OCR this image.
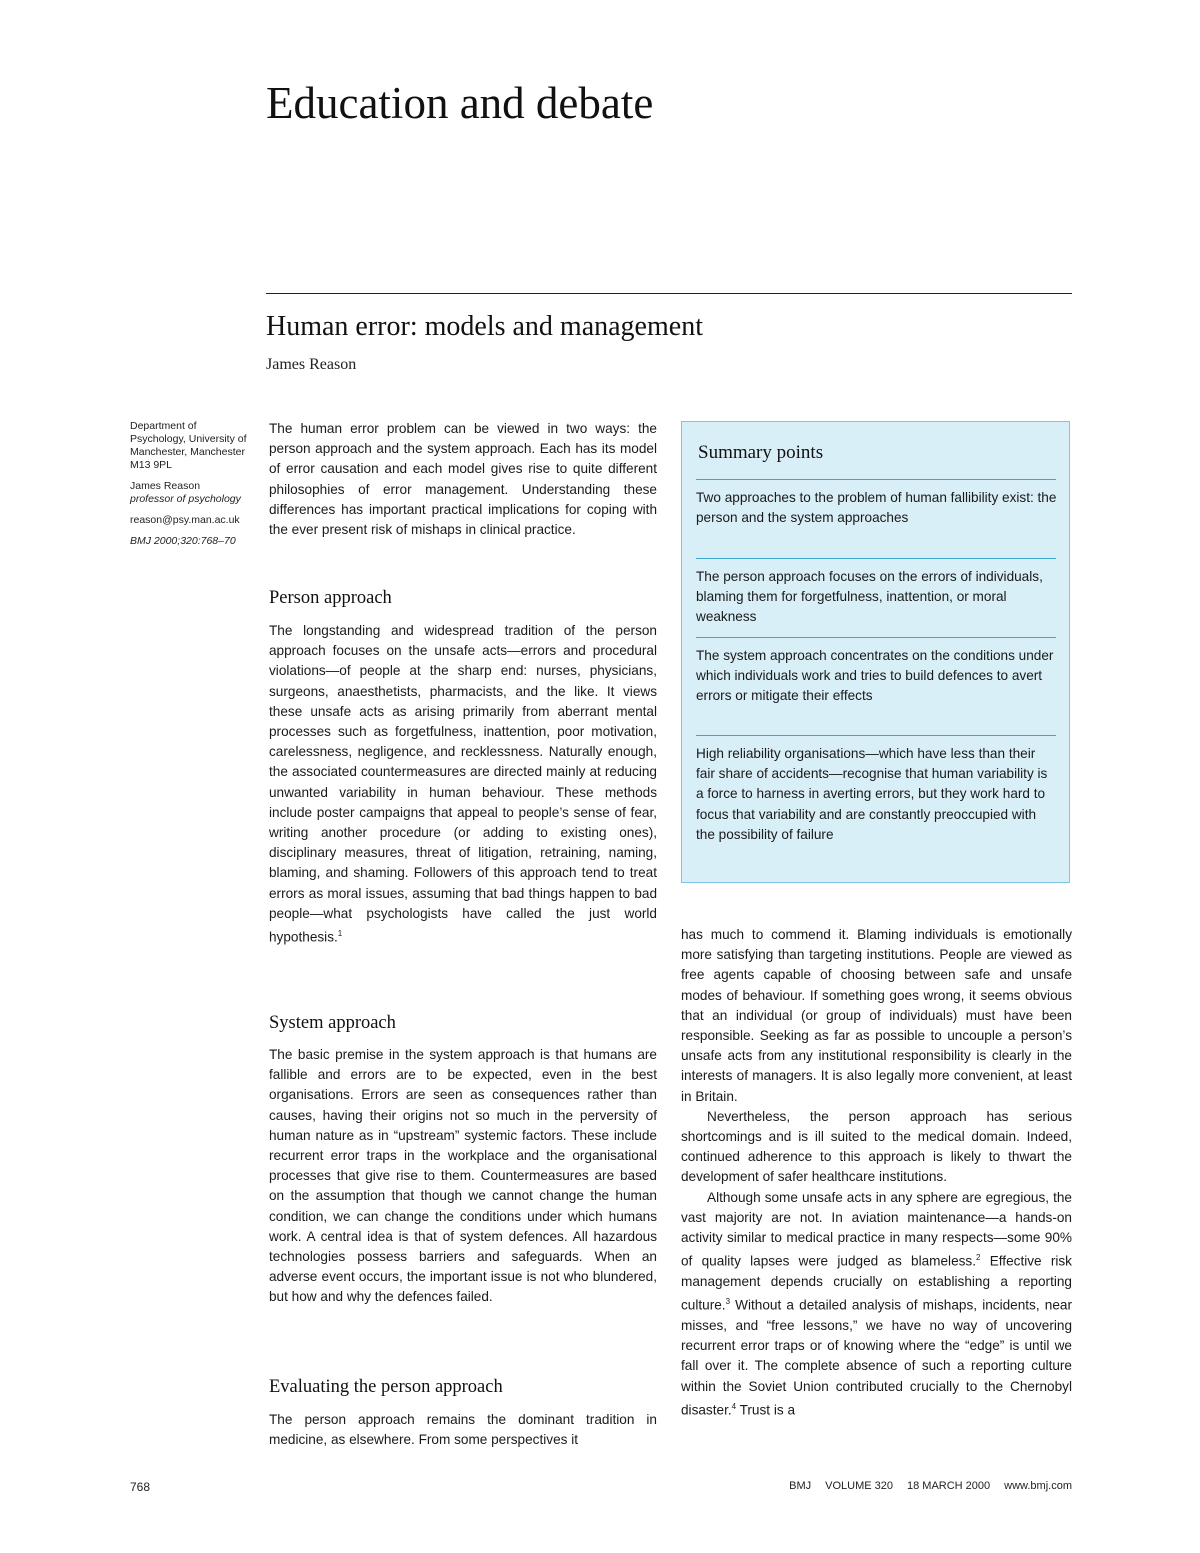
Education and debate
Human error: models and management
James Reason

Department of Psychology, University of Manchester, Manchester M13 9PL

James Reason
professor of psychology

reason@psy.man.ac.uk

BMJ 2000;320:768–70

The human error problem can be viewed in two ways: the person approach and the system approach. Each has its model of error causation and each model gives rise to quite different philosophies of error management. Understanding these differences has important practical implications for coping with the ever present risk of mishaps in clinical practice.

Person approach

The longstanding and widespread tradition of the person approach focuses on the unsafe acts—errors and procedural violations—of people at the sharp end: nurses, physicians, surgeons, anaesthetists, pharmacists, and the like. It views these unsafe acts as arising primarily from aberrant mental processes such as forgetfulness, inattention, poor motivation, carelessness, negligence, and recklessness. Naturally enough, the associated countermeasures are directed mainly at reducing unwanted variability in human behaviour. These methods include poster campaigns that appeal to people’s sense of fear, writing another procedure (or adding to existing ones), disciplinary measures, threat of litigation, retraining, naming, blaming, and shaming. Followers of this approach tend to treat errors as moral issues, assuming that bad things happen to bad people—what psychologists have called the just world hypothesis.$^1$

System approach

The basic premise in the system approach is that humans are fallible and errors are to be expected, even in the best organisations. Errors are seen as consequences rather than causes, having their origins not so much in the perversity of human nature as in “upstream” systemic factors. These include recurrent error traps in the workplace and the organisational processes that give rise to them. Countermeasures are based on the assumption that though we cannot change the human condition, we can change the conditions under which humans work. A central idea is that of system defences. All hazardous technologies possess barriers and safeguards. When an adverse event occurs, the important issue is not who blundered, but how and why the defences failed.

Evaluating the person approach

The person approach remains the dominant tradition in medicine, as elsewhere. From some perspectives it

Summary points
Two approaches to the problem of human fallibility exist: the person and the system approaches
The person approach focuses on the errors of individuals, blaming them for forgetfulness, inattention, or moral weakness
The system approach concentrates on the conditions under which individuals work and tries to build defences to avert errors or mitigate their effects
High reliability organisations—which have less than their fair share of accidents—recognise that human variability is a force to harness in averting errors, but they work hard to focus that variability and are constantly preoccupied with the possibility of failure

has much to commend it. Blaming individuals is emotionally more satisfying than targeting institutions. People are viewed as free agents capable of choosing between safe and unsafe modes of behaviour. If something goes wrong, it seems obvious that an individual (or group of individuals) must have been responsible. Seeking as far as possible to uncouple a person’s unsafe acts from any institutional responsibility is clearly in the interests of managers. It is also legally more convenient, at least in Britain.

Nevertheless, the person approach has serious shortcomings and is ill suited to the medical domain. Indeed, continued adherence to this approach is likely to thwart the development of safer healthcare institutions.

Although some unsafe acts in any sphere are egregious, the vast majority are not. In aviation maintenance—a hands-on activity similar to medical practice in many respects—some 90% of quality lapses were judged as blameless.$^2$ Effective risk management depends crucially on establishing a reporting culture.$^3$ Without a detailed analysis of mishaps, incidents, near misses, and “free lessons,” we have no way of uncovering recurrent error traps or of knowing where the “edge” is until we fall over it. The complete absence of such a reporting culture within the Soviet Union contributed crucially to the Chernobyl disaster.$^4$ Trust is a

768	BMJ VOLUME 320 18 MARCH 2000 www.bmj.com
